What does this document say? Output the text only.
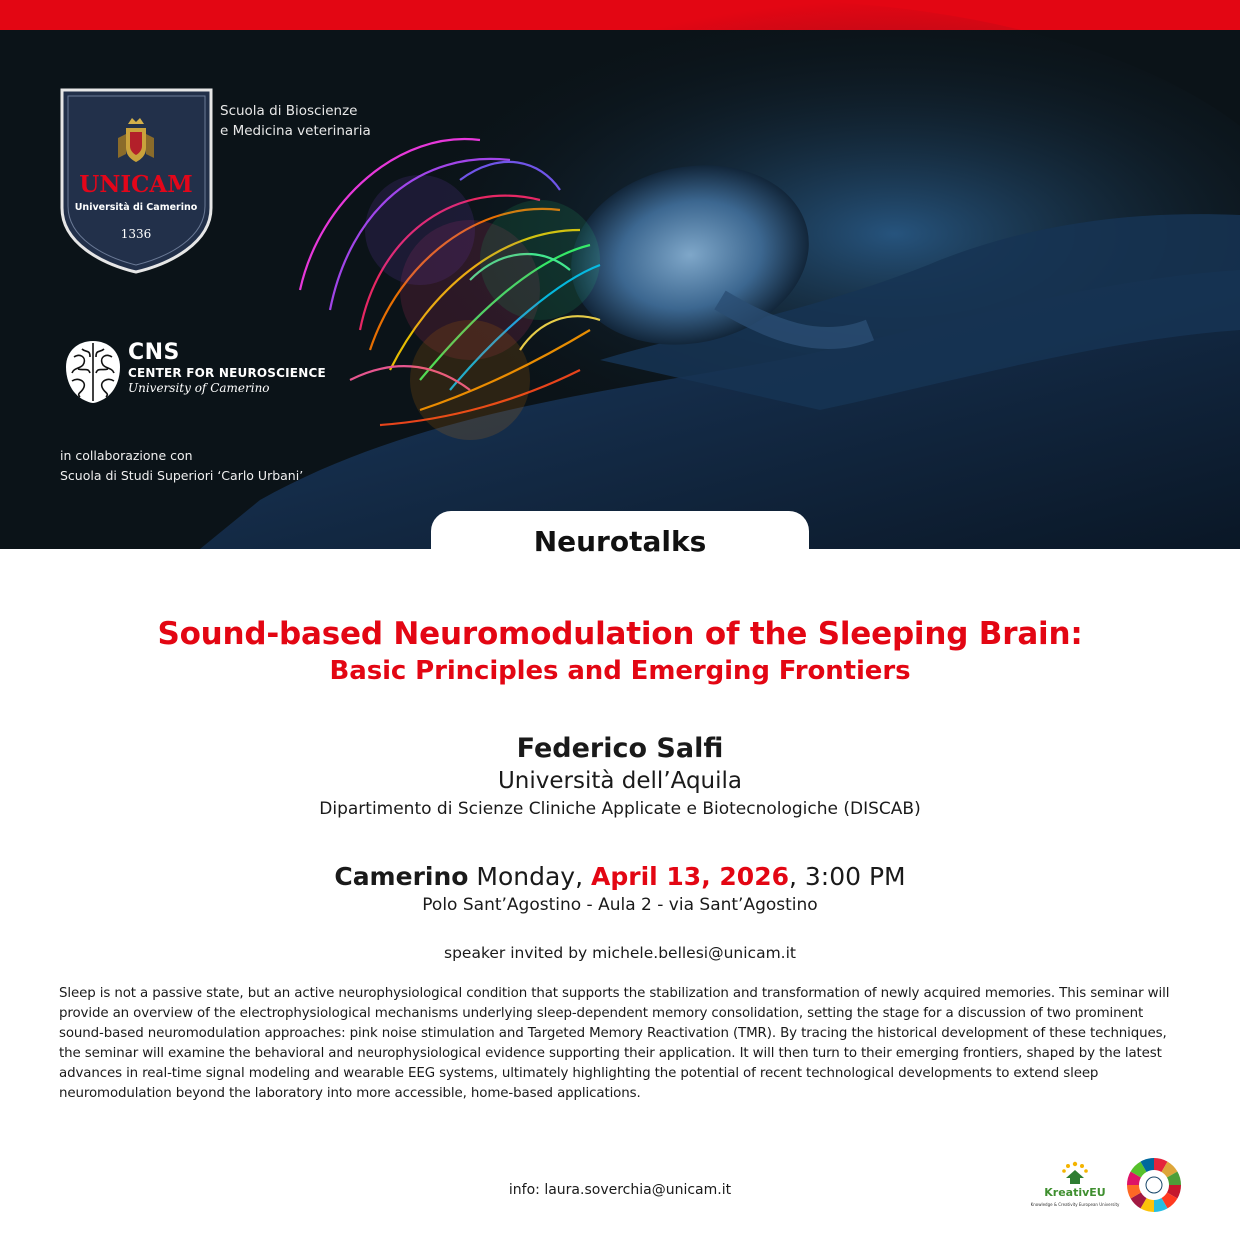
UNICAM
Università di Camerino
1336
Scuola di Bioscienze
e Medicina veterinaria
CNS
CENTER FOR NEUROSCIENCE
University of Camerino
in collaborazione con
Scuola di Studi Superiori ‘Carlo Urbani’
Neurotalks
Sound-based Neuromodulation of the Sleeping Brain:
Basic Principles and Emerging Frontiers
Federico Salfi
Università dell’Aquila
Dipartimento di Scienze Cliniche Applicate e Biotecnologiche (DISCAB)
Camerino Monday, April 13, 2026, 3:00 PM
Polo Sant’Agostino - Aula 2 - via Sant’Agostino
speaker invited by michele.bellesi@unicam.it
Sleep is not a passive state, but an active neurophysiological condition that supports the stabilization and transformation of newly acquired memories. This seminar will provide an overview of the electrophysiological mechanisms underlying sleep-dependent memory consolidation, setting the stage for a discussion of two prominent sound-based neuromodulation approaches: pink noise stimulation and Targeted Memory Reactivation (TMR). By tracing the historical development of these techniques, the seminar will examine the behavioral and neurophysiological evidence supporting their application. It will then turn to their emerging frontiers, shaped by the latest advances in real-time signal modeling and wearable EEG systems, ultimately highlighting the potential of recent technological developments to extend sleep neuromodulation beyond the laboratory into more accessible, home-based applications.
info: laura.soverchia@unicam.it	KreativEU
Knowledge & Creativity European University
